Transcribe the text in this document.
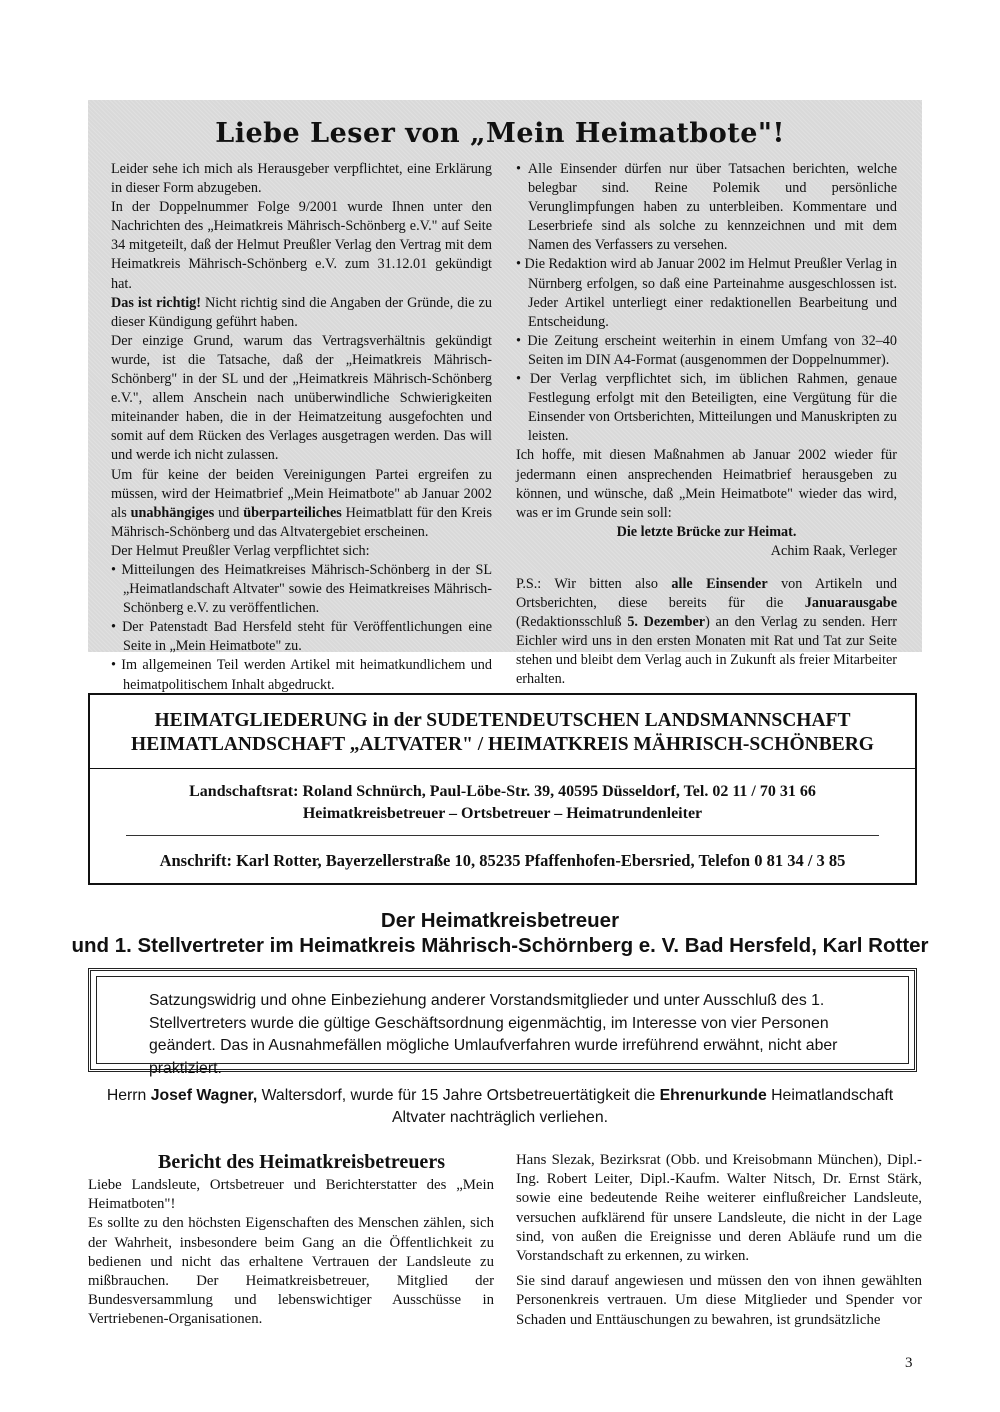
Liebe Leser von „Mein Heimatbote"!

Leider sehe ich mich als Herausgeber verpflichtet, eine Erklärung in dieser Form abzugeben.

In der Doppelnummer Folge 9/2001 wurde Ihnen unter den Nachrichten des „Heimatkreis Mährisch-Schönberg e.V." auf Seite 34 mitgeteilt, daß der Helmut Preußler Verlag den Vertrag mit dem Heimatkreis Mährisch-Schönberg e.V. zum 31.12.01 gekündigt hat.

Das ist richtig! Nicht richtig sind die Angaben der Gründe, die zu dieser Kündigung geführt haben.

Der einzige Grund, warum das Vertragsverhältnis gekündigt wurde, ist die Tatsache, daß der „Heimatkreis Mährisch-Schönberg" in der SL und der „Heimatkreis Mährisch-Schönberg e.V.", allem Anschein nach unüberwindliche Schwierigkeiten miteinander haben, die in der Heimatzeitung ausgefochten und somit auf dem Rücken des Verlages ausgetragen werden. Das will und werde ich nicht zulassen.

Um für keine der beiden Vereinigungen Partei ergreifen zu müssen, wird der Heimatbrief „Mein Heimatbote" ab Januar 2002 als unabhängiges und überparteiliches Heimatblatt für den Kreis Mährisch-Schönberg und das Altvatergebiet erscheinen.

Der Helmut Preußler Verlag verpflichtet sich:

• Mitteilungen des Heimatkreises Mährisch-Schönberg in der SL „Heimatlandschaft Altvater" sowie des Heimatkreises Mährisch-Schönberg e.V. zu veröffentlichen.

• Der Patenstadt Bad Hersfeld steht für Veröffentlichungen eine Seite in „Mein Heimatbote" zu.

• Im allgemeinen Teil werden Artikel mit heimatkundlichem und heimatpolitischem Inhalt abgedruckt.

• Alle Einsender dürfen nur über Tatsachen berichten, welche belegbar sind. Reine Polemik und persönliche Verunglimpfungen haben zu unterbleiben. Kommentare und Leserbriefe sind als solche zu kennzeichnen und mit dem Namen des Verfassers zu versehen.

• Die Redaktion wird ab Januar 2002 im Helmut Preußler Verlag in Nürnberg erfolgen, so daß eine Parteinahme ausgeschlossen ist. Jeder Artikel unterliegt einer redaktionellen Bearbeitung und Entscheidung.

• Die Zeitung erscheint weiterhin in einem Umfang von 32–40 Seiten im DIN A4-Format (ausgenommen der Doppelnummer).

• Der Verlag verpflichtet sich, im üblichen Rahmen, genaue Festlegung erfolgt mit den Beteiligten, eine Vergütung für die Einsender von Ortsberichten, Mitteilungen und Manuskripten zu leisten.

Ich hoffe, mit diesen Maßnahmen ab Januar 2002 wieder für jedermann einen ansprechenden Heimatbrief herausgeben zu können, und wünsche, daß „Mein Heimatbote" wieder das wird, was er im Grunde sein soll:

Die letzte Brücke zur Heimat.

Achim Raak, Verleger

P.S.: Wir bitten also alle Einsender von Artikeln und Ortsberichten, diese bereits für die Januarausgabe (Redaktionsschluß 5. Dezember) an den Verlag zu senden. Herr Eichler wird uns in den ersten Monaten mit Rat und Tat zur Seite stehen und bleibt dem Verlag auch in Zukunft als freier Mitarbeiter erhalten.

HEIMATGLIEDERUNG in der SUDETENDEUTSCHEN LANDSMANNSCHAFT
HEIMATLANDSCHAFT „ALTVATER" / HEIMATKREIS MÄHRISCH-SCHÖNBERG
Landschaftsrat: Roland Schnürch, Paul-Löbe-Str. 39, 40595 Düsseldorf, Tel. 02 11 / 70 31 66
Heimatkreisbetreuer – Ortsbetreuer – Heimatrundenleiter
Anschrift: Karl Rotter, Bayerzellerstraße 10, 85235 Pfaffenhofen-Ebersried, Telefon 0 81 34 / 3 85
Der Heimatkreisbetreuer
und 1. Stellvertreter im Heimatkreis Mährisch-Schörnberg e. V. Bad Hersfeld, Karl Rotter
Satzungswidrig und ohne Einbeziehung anderer Vorstandsmitglieder und unter Ausschluß des 1. Stellvertreters wurde die gültige Geschäftsordnung eigenmächtig, im Interesse von vier Personen geändert. Das in Ausnahmefällen mögliche Umlaufverfahren wurde irreführend erwähnt, nicht aber praktiziert.
Herrn Josef Wagner, Waltersdorf, wurde für 15 Jahre Ortsbetreuertätigkeit die Ehrenurkunde Heimatlandschaft Altvater nachträglich verliehen.
Bericht des Heimatkreisbetreuers

Liebe Landsleute, Ortsbetreuer und Berichterstatter des „Mein Heimatboten"!

Es sollte zu den höchsten Eigenschaften des Menschen zählen, sich der Wahrheit, insbesondere beim Gang an die Öffentlichkeit zu bedienen und nicht das erhaltene Vertrauen der Landsleute zu mißbrauchen. Der Heimatkreisbetreuer, Mitglied der Bundesversammlung und lebenswichtiger Ausschüsse in Vertriebenen-Organisationen.

Hans Slezak, Bezirksrat (Obb. und Kreisobmann München), Dipl.-Ing. Robert Leiter, Dipl.-Kaufm. Walter Nitsch, Dr. Ernst Stärk, sowie eine bedeutende Reihe weiterer einflußreicher Landsleute, versuchen aufklärend für unsere Landsleute, die nicht in der Lage sind, von außen die Ereignisse und deren Abläufe rund um die Vorstandschaft zu erkennen, zu wirken.

Sie sind darauf angewiesen und müssen den von ihnen gewählten Personenkreis vertrauen. Um diese Mitglieder und Spender vor Schaden und Enttäuschungen zu bewahren, ist grundsätzliche

3
